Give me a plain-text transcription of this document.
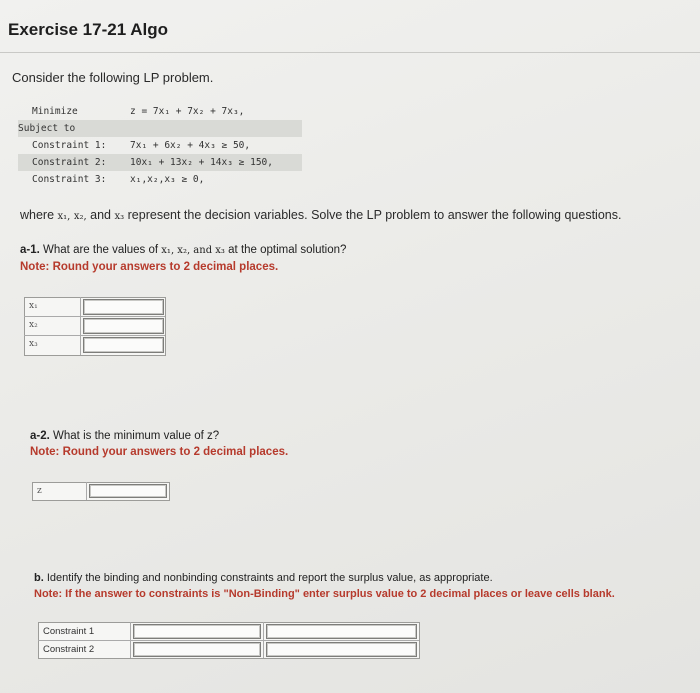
Exercise 17-21 Algo
Consider the following LP problem.
Minimize	z = 7x₁ + 7x₂ + 7x₃,
Subject to
Constraint 1: 7x₁ + 6x₂ + 4x₃ ≥ 50,
Constraint 2: 10x₁ + 13x₂ + 14x₃ ≥ 150,
Constraint 3: x₁,x₂,x₃ ≥ 0,
where x₁, x₂, and x₃ represent the decision variables. Solve the LP problem to answer the following questions.
a-1. What are the values of x₁, x₂, and x₃ at the optimal solution?
Note: Round your answers to 2 decimal places.
x₁
x₂
x₃
a-2. What is the minimum value of z?
Note: Round your answers to 2 decimal places.
z
b. Identify the binding and nonbinding constraints and report the surplus value, as appropriate.
Note: If the answer to constraints is "Non-Binding" enter surplus value to 2 decimal places or leave cells blank.
Constraint 1
Constraint 2
